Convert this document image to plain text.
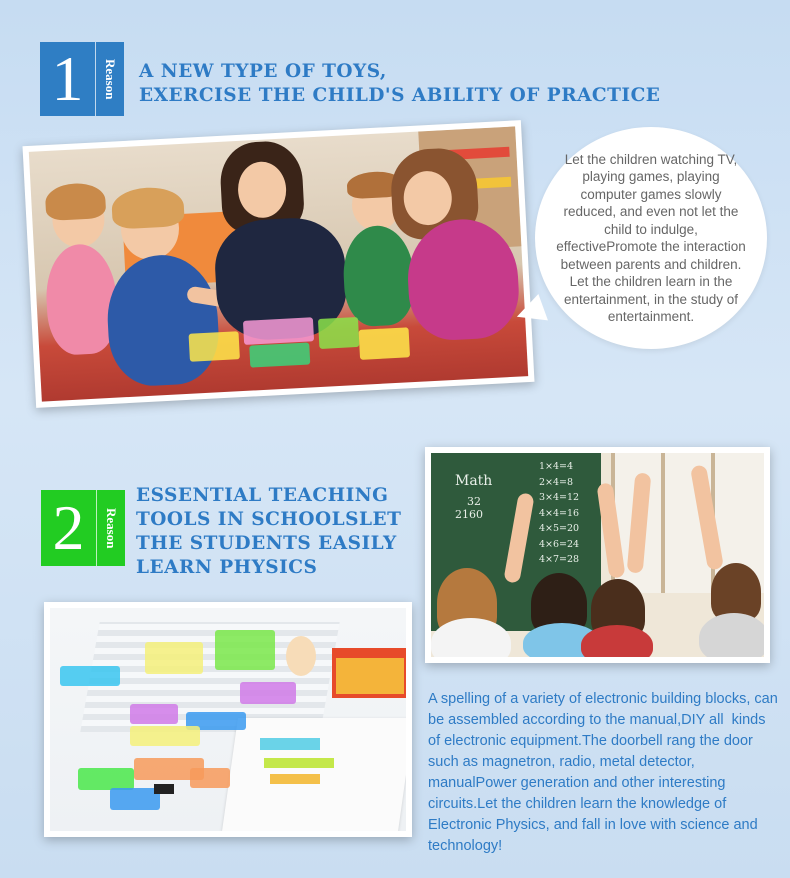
1	Reason	A NEW TYPE OF TOYS,
EXERCISE THE CHILD'S ABILITY OF PRACTICE
Let the children watching TV, playing games, playing computer games slowly reduced, and even not let the child to indulge, effectivePromote the interaction between parents and children. Let the children learn in the entertainment, in the study of entertainment.
2	Reason
ESSENTIAL TEACHING
TOOLS IN SCHOOLSLET
THE STUDENTS EASILY
LEARN PHYSICS
Math
32
2160
1×4=4
2×4=8
3×4=12
4×4=16
4×5=20
4×6=24
4×7=28
A spelling of a variety of electronic building blocks, can be assembled according to the manual,DIY all  kinds of electronic equipment.The doorbell rang the door such as magnetron, radio, metal detector, manualPower generation and other interesting circuits.Let the children learn the knowledge of Electronic Physics, and fall in love with science and technology!
